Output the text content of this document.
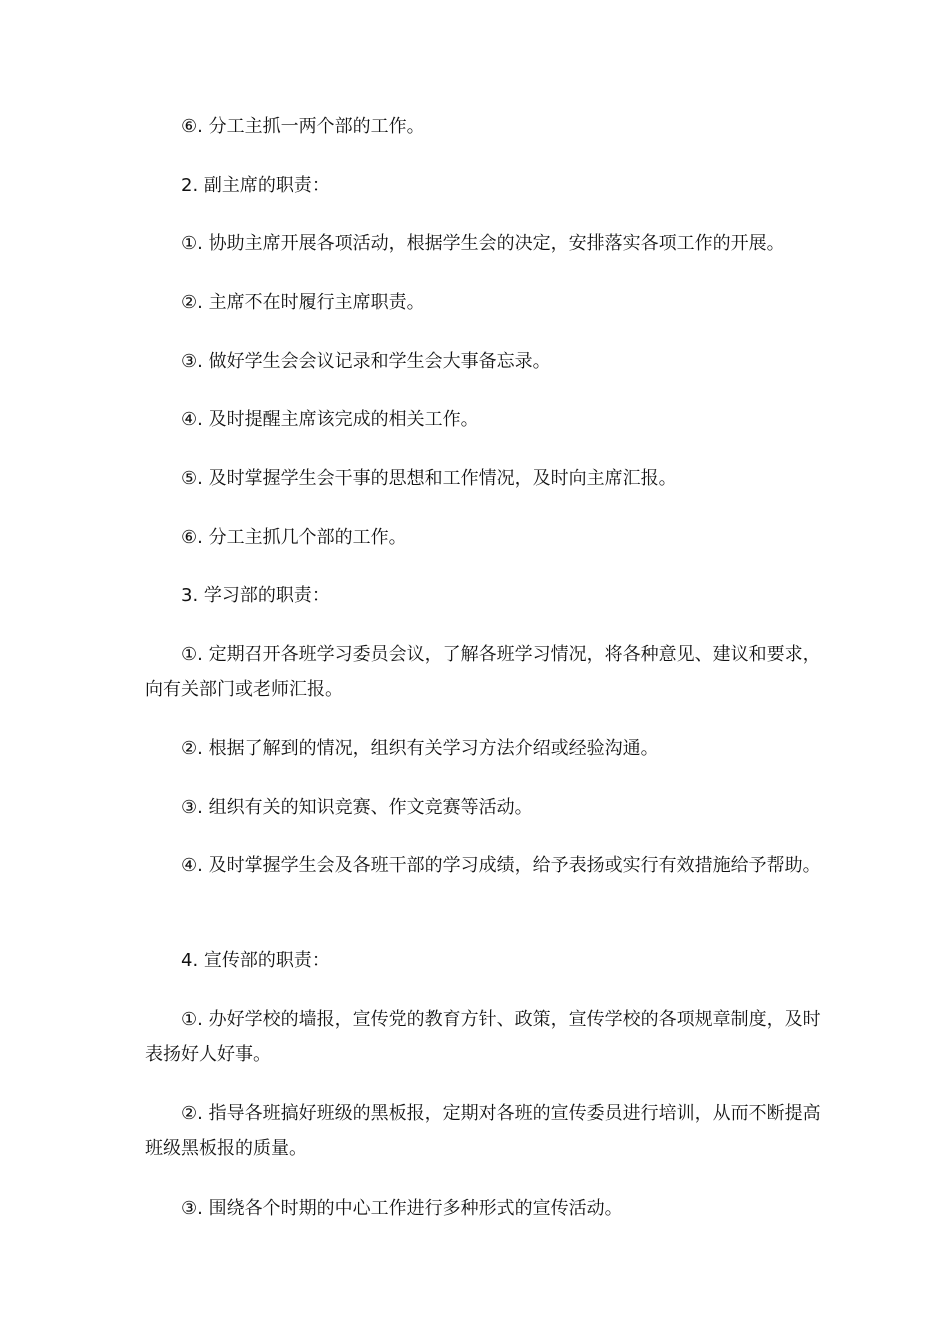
⑥. 分工主抓一两个部的工作。

2. 副主席的职责：

①. 协助主席开展各项活动，根据学生会的决定，安排落实各项工作的开展。

②. 主席不在时履行主席职责。

③. 做好学生会会议记录和学生会大事备忘录。

④. 及时提醒主席该完成的相关工作。

⑤. 及时掌握学生会干事的思想和工作情况，及时向主席汇报。

⑥. 分工主抓几个部的工作。

3. 学习部的职责：

①. 定期召开各班学习委员会议，了解各班学习情况，将各种意见、建议和要求，向有关部门或老师汇报。

②. 根据了解到的情况，组织有关学习方法介绍或经验沟通。

③. 组织有关的知识竞赛、作文竞赛等活动。

④. 及时掌握学生会及各班干部的学习成绩，给予表扬或实行有效措施给予帮助。

4. 宣传部的职责：

①. 办好学校的墙报，宣传党的教育方针、政策，宣传学校的各项规章制度，及时表扬好人好事。

②. 指导各班搞好班级的黑板报，定期对各班的宣传委员进行培训，从而不断提高班级黑板报的质量。

③. 围绕各个时期的中心工作进行多种形式的宣传活动。
